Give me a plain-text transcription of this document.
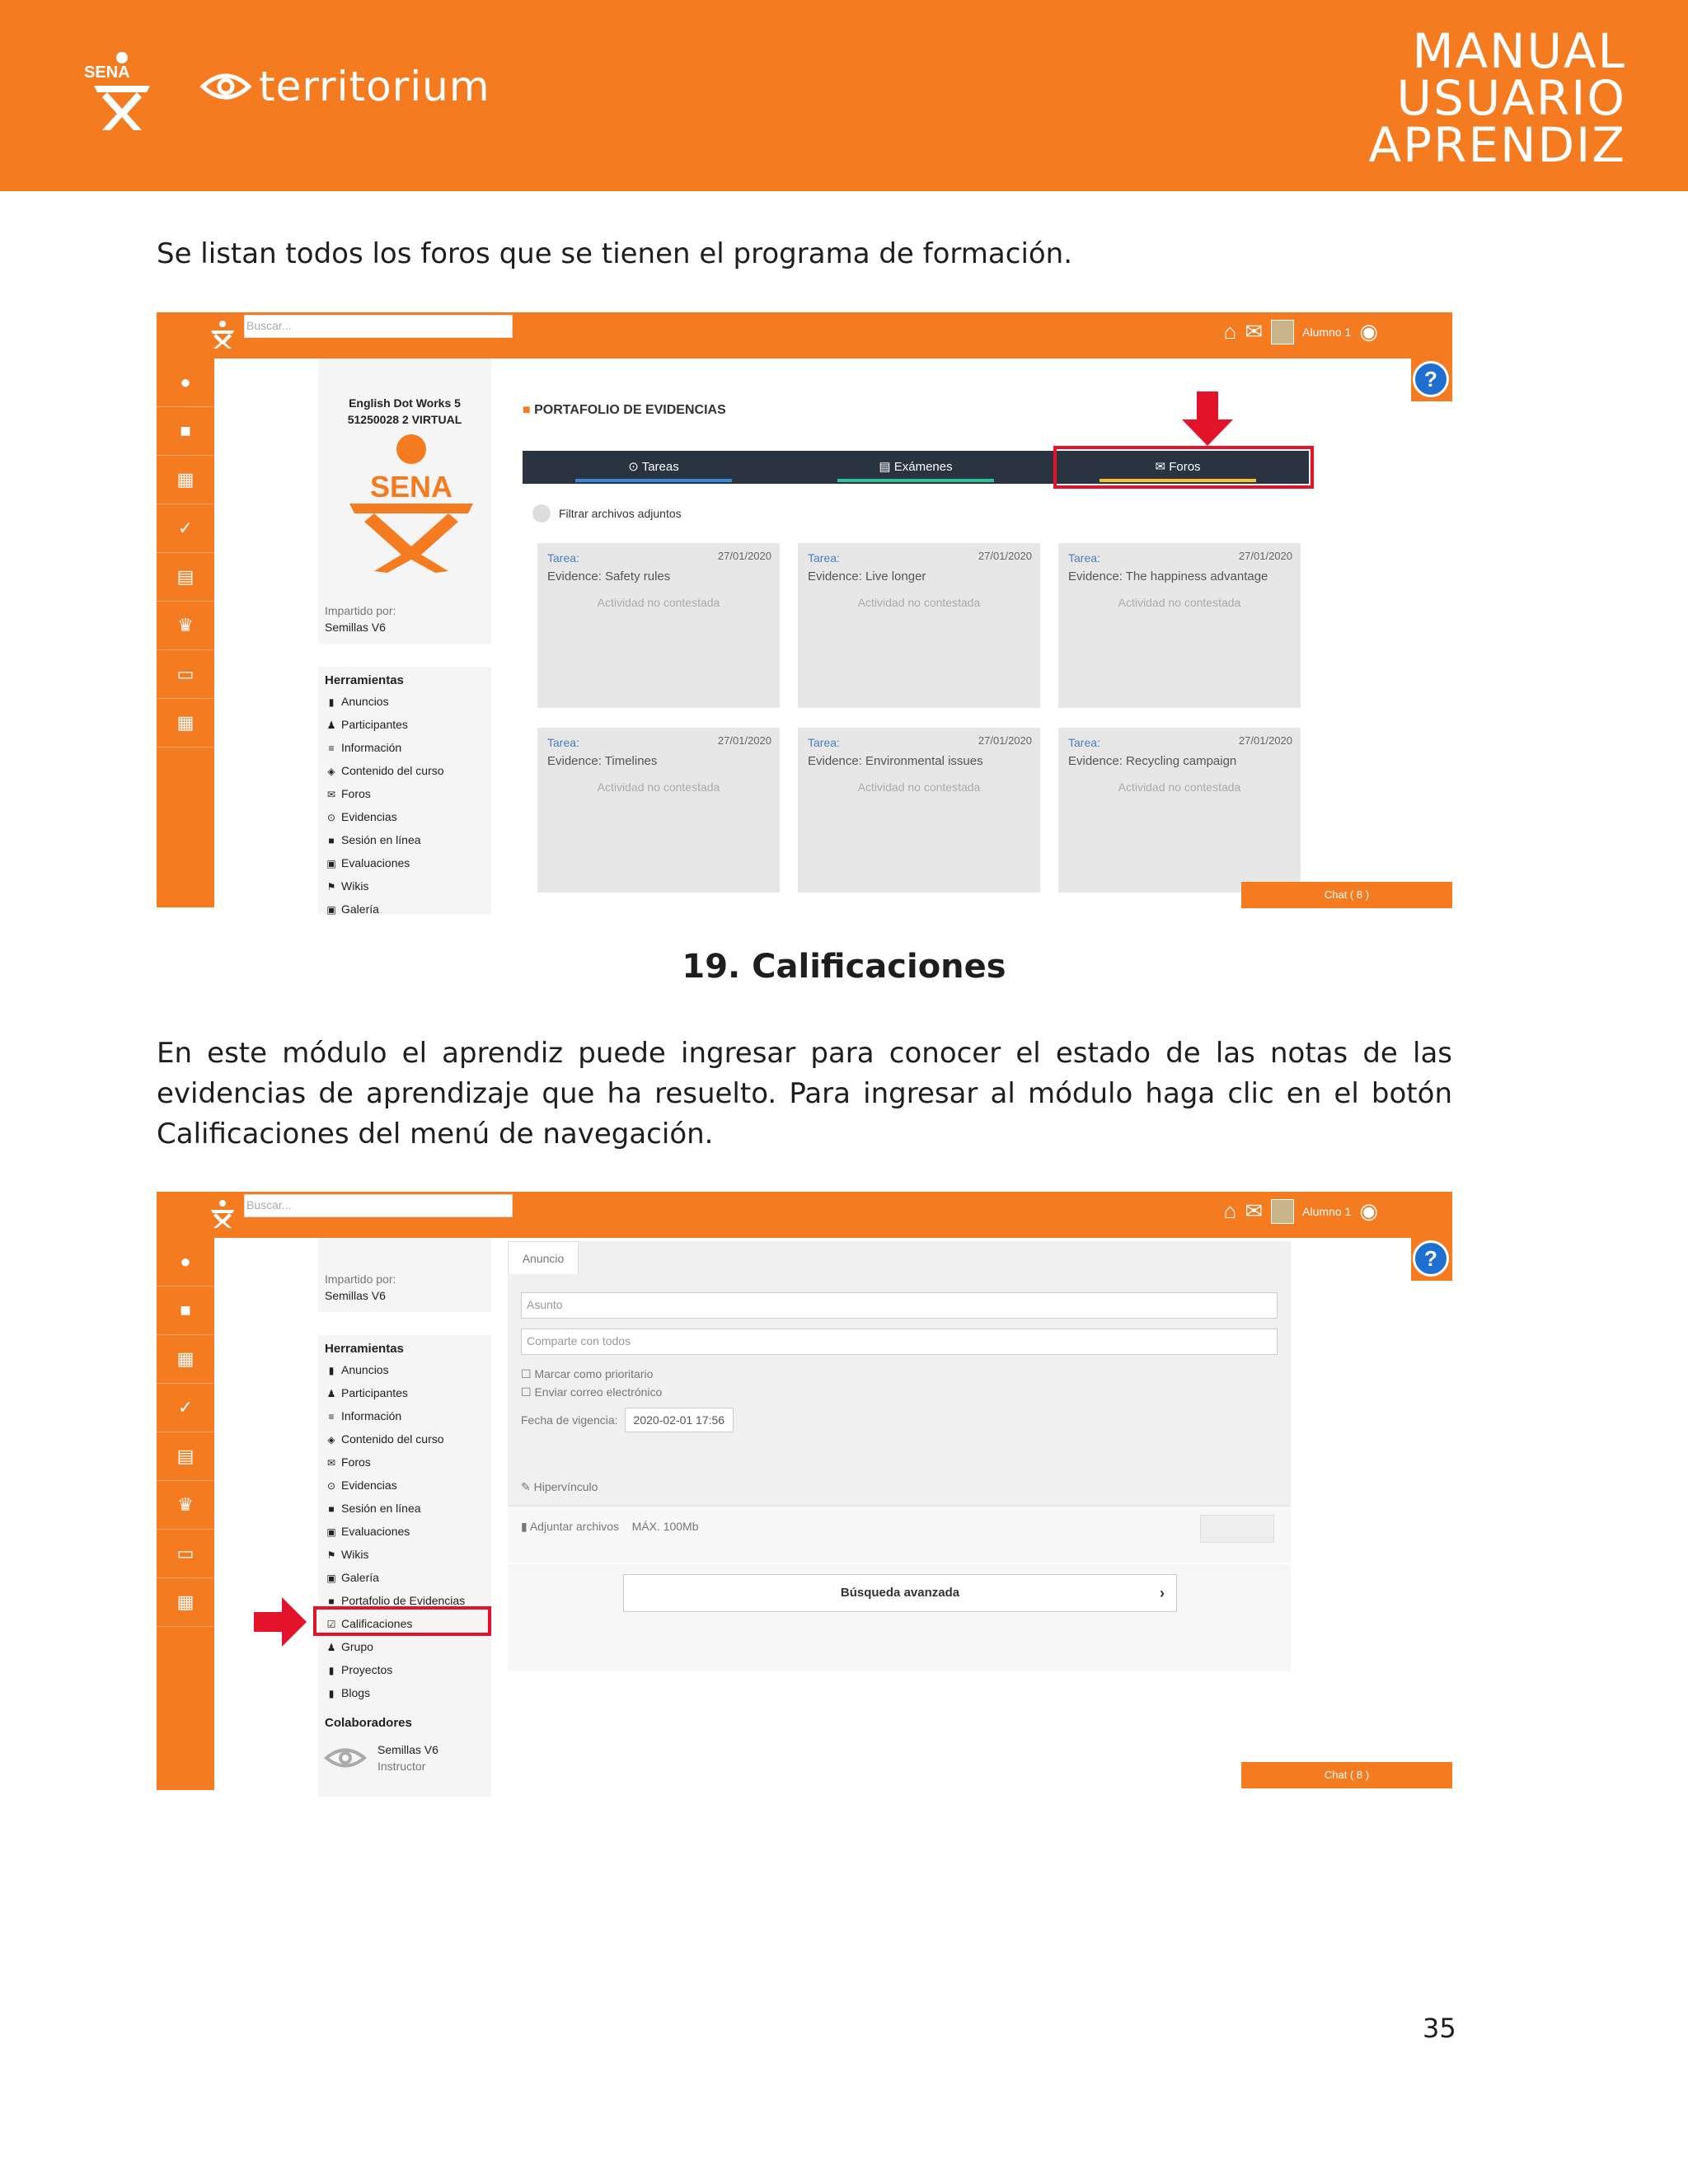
SENA	territorium
MANUAL
USUARIO
APRENDIZ

Se listan todos los foros que se tienen el programa de formación.

Buscar...	⌂ ✉	Alumno 1 ◉
●
■
▦
✓
▤
♛
▭
▦
?
English Dot Works 5
51250028 2 VIRTUAL
SENA
Impartido por:
Semillas V6
Herramientas
▮ Anuncios
♟ Participantes
≡ Información
◈ Contenido del curso
✉ Foros
⊙ Evidencias
■ Sesión en línea
▣ Evaluaciones
⚑ Wikis
▣ Galería
■ PORTAFOLIO DE EVIDENCIAS
⊙ Tareas	▤ Exámenes	✉ Foros
Filtrar archivos adjuntos
Tarea:	27/01/2020
Evidence: Safety rules
Actividad no contestada
Tarea:	27/01/2020
Evidence: Live longer
Actividad no contestada
Tarea:	27/01/2020
Evidence: The happiness advantage
Actividad no contestada
Tarea:	27/01/2020
Evidence: Timelines
Actividad no contestada
Tarea:	27/01/2020
Evidence: Environmental issues
Actividad no contestada
Tarea:	27/01/2020
Evidence: Recycling campaign
Actividad no contestada
Chat ( 8 )
19. Calificaciones

En este módulo el aprendiz puede ingresar para conocer el estado de las notas de las evidencias de aprendizaje que ha resuelto. Para ingresar al módulo haga clic en el botón Calificaciones del menú de navegación.

Buscar...	⌂ ✉	Alumno 1 ◉
●
■
▦
✓
▤
♛
▭
▦
?
Impartido por:
Semillas V6
Herramientas
▮ Anuncios
♟ Participantes
≡ Información
◈ Contenido del curso
✉ Foros
⊙ Evidencias
■ Sesión en línea
▣ Evaluaciones
⚑ Wikis
▣ Galería
■ Portafolio de Evidencias
☑ Calificaciones
♟ Grupo
▮ Proyectos
▮ Blogs
Colaboradores
Semillas V6
Instructor
Anuncio
Asunto
Comparte con todos
☐ Marcar como prioritario
☐ Enviar correo electrónico
Fecha de vigencia:	2020-02-01 17:56
✎ Hipervínculo
▮ Adjuntar archivos MÁX. 100Mb
Búsqueda avanzada	›
Chat ( 8 )
35
